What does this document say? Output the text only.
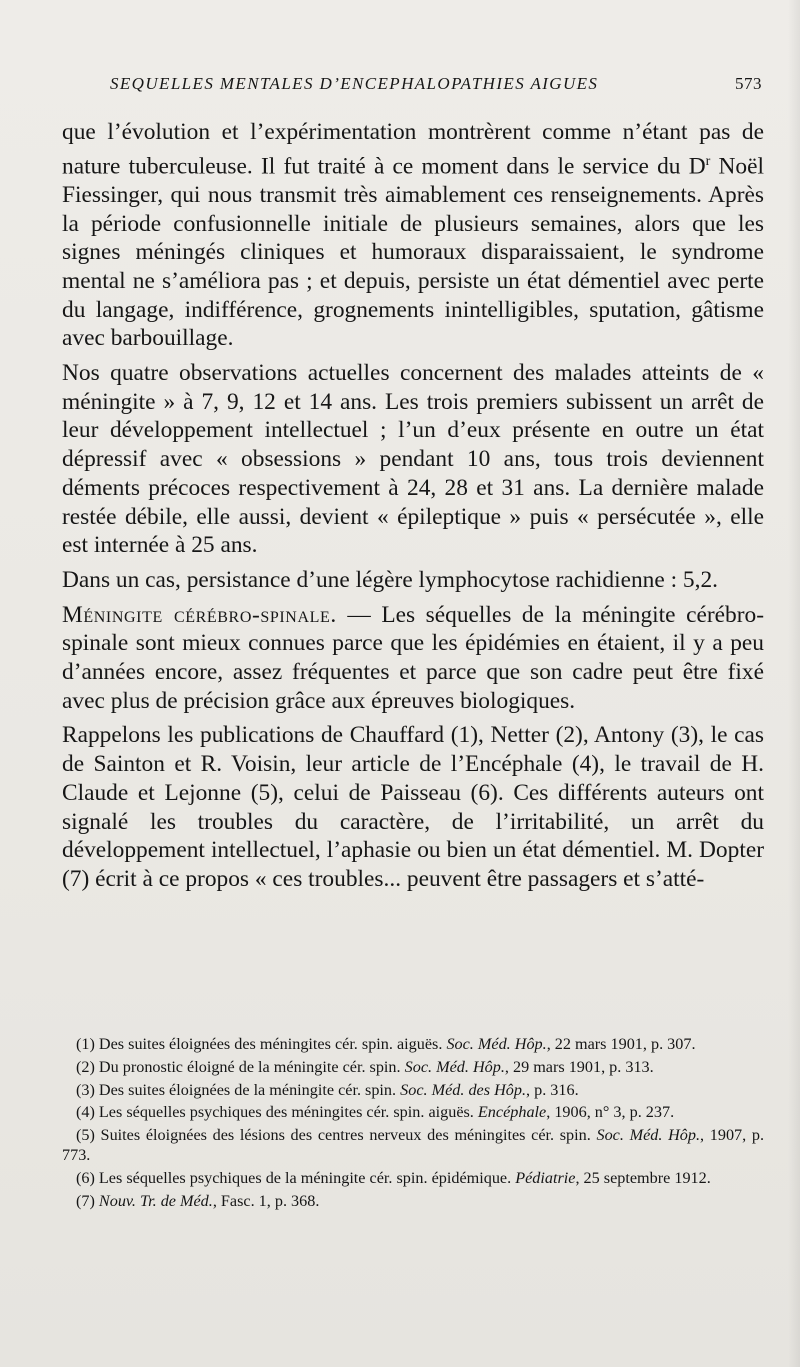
SEQUELLES MENTALES D’ENCEPHALOPATHIES AIGUES	573

que l’évolution et l’expérimentation montrèrent comme n’étant pas de nature tuberculeuse. Il fut traité à ce moment dans le service du $D^r$ Noël Fiessinger, qui nous transmit très aimablement ces renseignements. Après la période confusionnelle initiale de plusieurs semaines, alors que les signes méningés cliniques et humoraux disparaissaient, le syndrome mental ne s’améliora pas ; et depuis, persiste un état démentiel avec perte du langage, indifférence, grognements inintelligibles, sputation, gâtisme avec barbouillage.

Nos quatre observations actuelles concernent des malades atteints de « méningite » à 7, 9, 12 et 14 ans. Les trois premiers subissent un arrêt de leur développement intellectuel ; l’un d’eux présente en outre un état dépressif avec « obsessions » pendant 10 ans, tous trois deviennent déments précoces respectivement à 24, 28 et 31 ans. La dernière malade restée débile, elle aussi, devient « épileptique » puis « persécutée », elle est internée à 25 ans.

Dans un cas, persistance d’une légère lymphocytose rachidienne : 5,2.

Méningite cérébro-spinale. — Les séquelles de la méningite cérébro-spinale sont mieux connues parce que les épidémies en étaient, il y a peu d’années encore, assez fréquentes et parce que son cadre peut être fixé avec plus de précision grâce aux épreuves biologiques.

Rappelons les publications de Chauffard (1), Netter (2), Antony (3), le cas de Sainton et R. Voisin, leur article de l’Encéphale (4), le travail de H. Claude et Lejonne (5), celui de Paisseau (6). Ces différents auteurs ont signalé les troubles du caractère, de l’irritabilité, un arrêt du développement intellectuel, l’aphasie ou bien un état démentiel. M. Dopter (7) écrit à ce propos « ces troubles... peuvent être passagers et s’atté-

(1) Des suites éloignées des méningites cér. spin. aiguës. Soc. Méd. Hôp., 22 mars 1901, p. 307.

(2) Du pronostic éloigné de la méningite cér. spin. Soc. Méd. Hôp., 29 mars 1901, p. 313.

(3) Des suites éloignées de la méningite cér. spin. Soc. Méd. des Hôp., p. 316.

(4) Les séquelles psychiques des méningites cér. spin. aiguës. Encéphale, 1906, n° 3, p. 237.

(5) Suites éloignées des lésions des centres nerveux des méningites cér. spin. Soc. Méd. Hôp., 1907, p. 773.

(6) Les séquelles psychiques de la méningite cér. spin. épidémique. Pédiatrie, 25 septembre 1912.

(7) Nouv. Tr. de Méd., Fasc. 1, p. 368.
